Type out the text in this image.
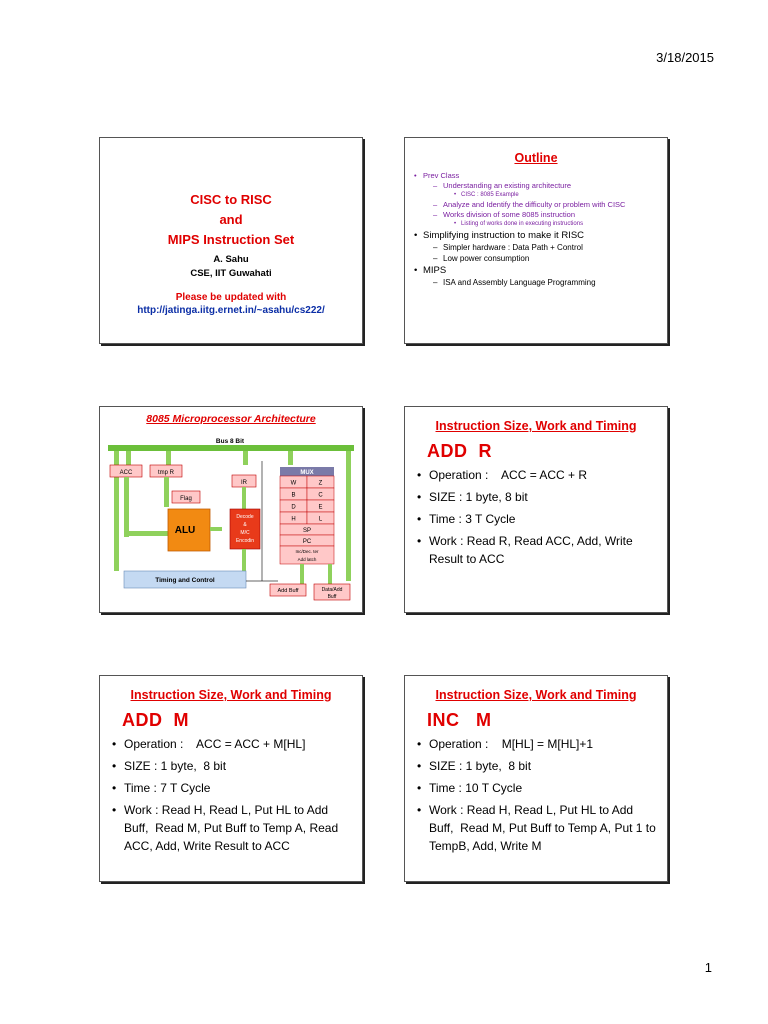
3/18/2015
CISC to RISC
and
MIPS Instruction Set
A. Sahu
CSE, IIT Guwahati
Please be updated with
http://jatinga.iitg.ernet.in/~asahu/cs222/
Outline
• Prev Class
– Understanding an existing architecture
• CISC : 8085 Example
– Analyze and Identify the difficulty or problem with CISC
– Works division of some 8085 instruction
• Listing of works done in executing instructions
• Simplifying instruction to make it RISC
– Simpler hardware : Data Path + Control
– Low power consumption
• MIPS
– ISA and Assembly Language Programming
8085 Microprocessor Architecture
Bus 8 Bit
ACC	tmp R
Flag
ALU
IR
Decode
&
M/C
Encodin
MUX
W	Z
B	C
D	E
H	L
SP
PC
Inc/Dec. ter
Add latch
Timing and Control
Add Buff	Data/Add
Buff
Instruction Size, Work and Timing
ADD  R
• Operation :    ACC = ACC + R
• SIZE : 1 byte, 8 bit
• Time : 3 T Cycle
• Work : Read R, Read ACC, Add, Write Result to ACC
Instruction Size, Work and Timing
ADD  M
• Operation :    ACC = ACC + M[HL]
• SIZE : 1 byte,  8 bit
• Time : 7 T Cycle
• Work : Read H, Read L, Put HL to Add Buff,  Read M, Put Buff to Temp A, Read ACC, Add, Write Result to ACC
Instruction Size, Work and Timing
INC   M
• Operation :    M[HL] = M[HL]+1
• SIZE : 1 byte,  8 bit
• Time : 10 T Cycle
• Work : Read H, Read L, Put HL to Add Buff,  Read M, Put Buff to Temp A, Put 1 to TempB, Add, Write M
1
